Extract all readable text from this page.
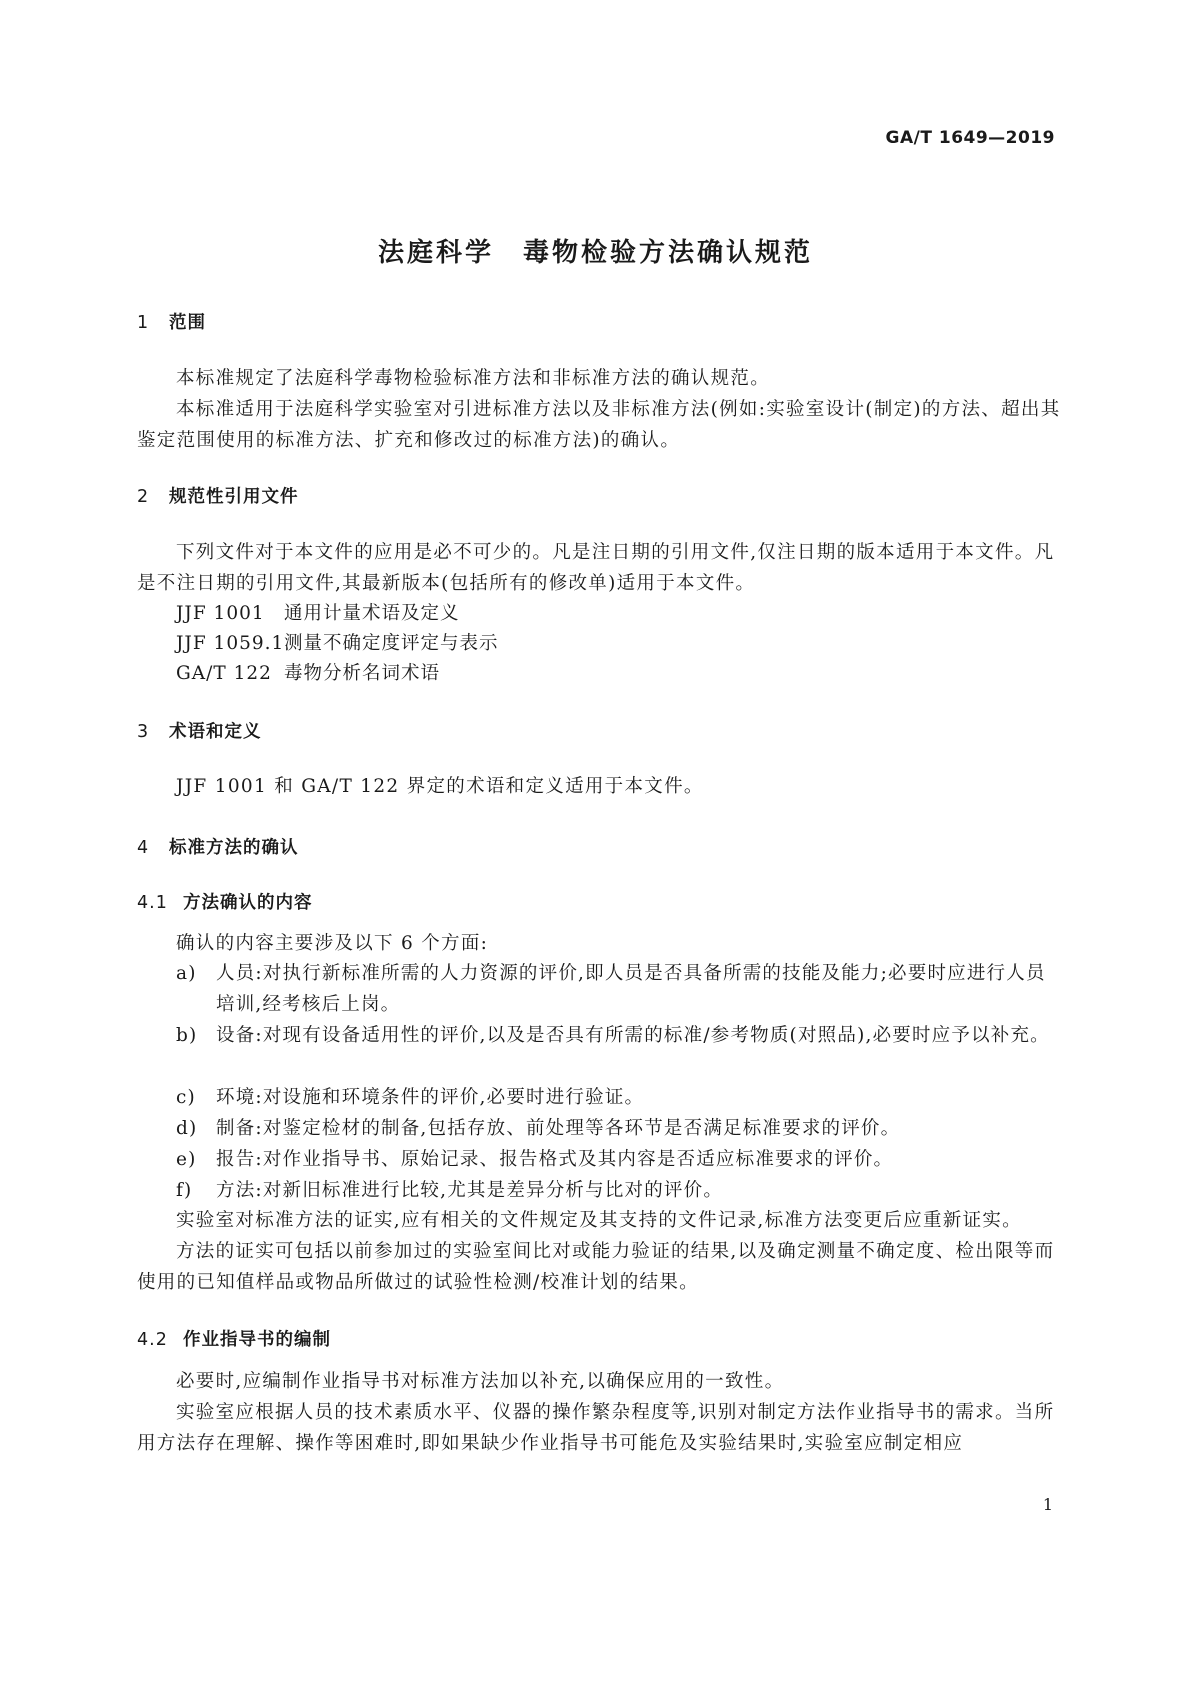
GA/T 1649—2019
法庭科学　毒物检验方法确认规范
1 范围
本标准规定了法庭科学毒物检验标准方法和非标准方法的确认规范。
本标准适用于法庭科学实验室对引进标准方法以及非标准方法(例如:实验室设计(制定)的方法、超出其鉴定范围使用的标准方法、扩充和修改过的标准方法)的确认。
2 规范性引用文件
下列文件对于本文件的应用是必不可少的。凡是注日期的引用文件,仅注日期的版本适用于本文件。凡是不注日期的引用文件,其最新版本(包括所有的修改单)适用于本文件。
JJF 1001 通用计量术语及定义
JJF 1059.1测量不确定度评定与表示
GA/T 122 毒物分析名词术语
3 术语和定义
JJF 1001 和 GA/T 122 界定的术语和定义适用于本文件。
4 标准方法的确认
4.1 方法确认的内容
确认的内容主要涉及以下 6 个方面:
a)	人员:对执行新标准所需的人力资源的评价,即人员是否具备所需的技能及能力;必要时应进行人员培训,经考核后上岗。
b)	设备:对现有设备适用性的评价,以及是否具有所需的标准/参考物质(对照品),必要时应予以补充。
c)	环境:对设施和环境条件的评价,必要时进行验证。
d)	制备:对鉴定检材的制备,包括存放、前处理等各环节是否满足标准要求的评价。
e)	报告:对作业指导书、原始记录、报告格式及其内容是否适应标准要求的评价。
f)	方法:对新旧标准进行比较,尤其是差异分析与比对的评价。
实验室对标准方法的证实,应有相关的文件规定及其支持的文件记录,标准方法变更后应重新证实。
方法的证实可包括以前参加过的实验室间比对或能力验证的结果,以及确定测量不确定度、检出限等而使用的已知值样品或物品所做过的试验性检测/校准计划的结果。
4.2 作业指导书的编制
必要时,应编制作业指导书对标准方法加以补充,以确保应用的一致性。
实验室应根据人员的技术素质水平、仪器的操作繁杂程度等,识别对制定方法作业指导书的需求。当所用方法存在理解、操作等困难时,即如果缺少作业指导书可能危及实验结果时,实验室应制定相应
1
